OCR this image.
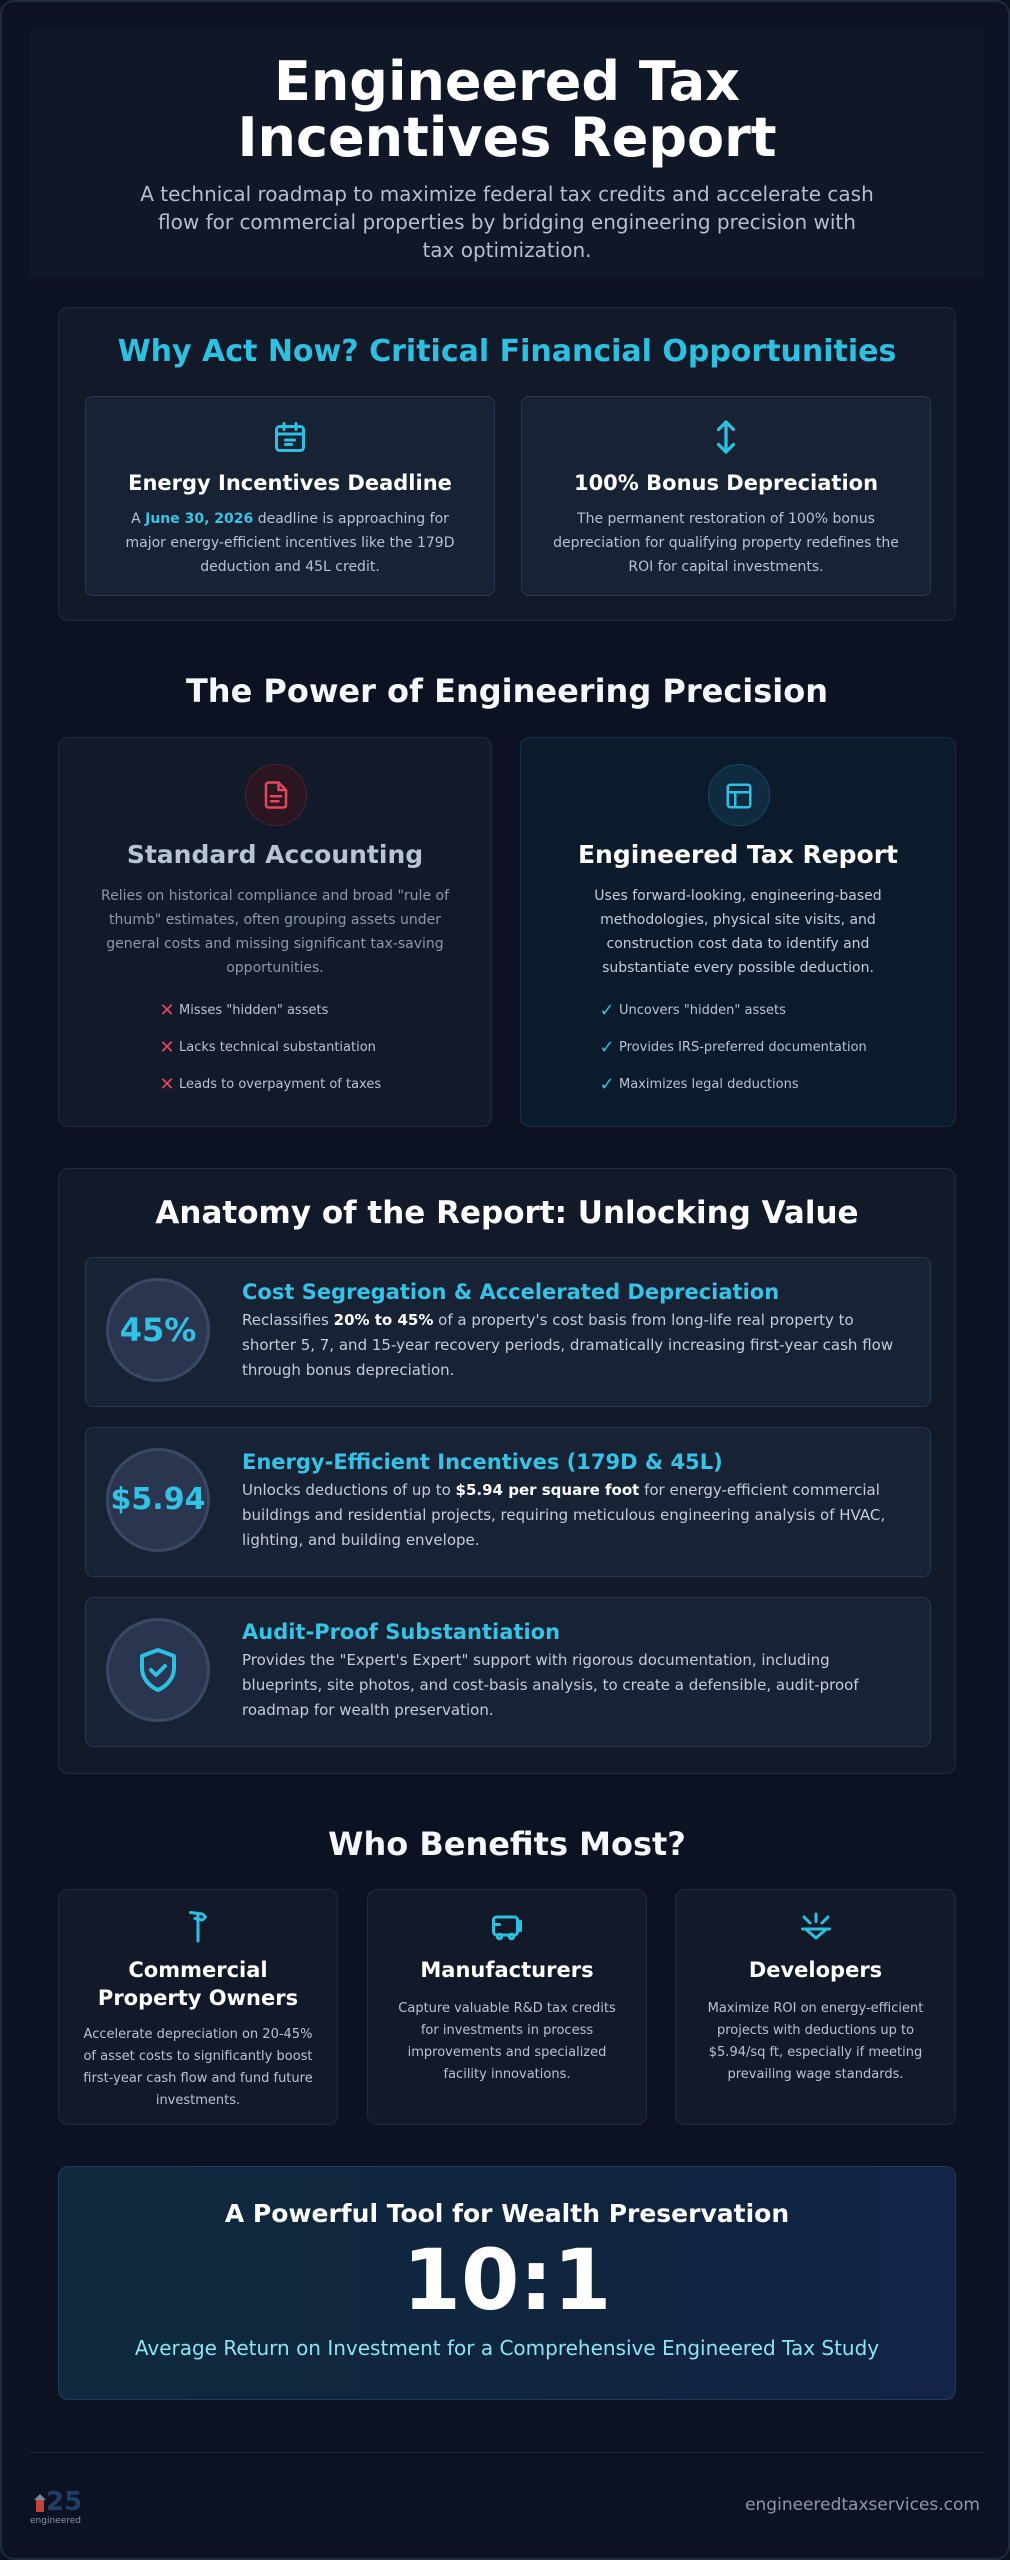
Engineered Tax Incentives Report
A technical roadmap to maximize federal tax credits and accelerate cash flow for commercial properties by bridging engineering precision with tax optimization.
Why Act Now? Critical Financial Opportunities
Energy Incentives Deadline
A June 30, 2026 deadline is approaching for major energy-efficient incentives like the 179D deduction and 45L credit.
100% Bonus Depreciation
The permanent restoration of 100% bonus depreciation for qualifying property redefines the ROI for capital investments.
The Power of Engineering Precision
Standard Accounting
Relies on historical compliance and broad "rule of thumb" estimates, often grouping assets under general costs and missing significant tax-saving opportunities.
✕ Misses "hidden" assets
✕ Lacks technical substantiation
✕ Leads to overpayment of taxes
Engineered Tax Report
Uses forward-looking, engineering-based methodologies, physical site visits, and construction cost data to identify and substantiate every possible deduction.
✓ Uncovers "hidden" assets
✓ Provides IRS-preferred documentation
✓ Maximizes legal deductions
Anatomy of the Report: Unlocking Value
45%
Cost Segregation & Accelerated Depreciation
Reclassifies 20% to 45% of a property's cost basis from long-life real property to shorter 5, 7, and 15-year recovery periods, dramatically increasing first-year cash flow through bonus depreciation.
$5.94
Energy-Efficient Incentives (179D & 45L)
Unlocks deductions of up to $5.94 per square foot for energy-efficient commercial buildings and residential projects, requiring meticulous engineering analysis of HVAC, lighting, and building envelope.
Audit-Proof Substantiation
Provides the "Expert's Expert" support with rigorous documentation, including blueprints, site photos, and cost-basis analysis, to create a defensible, audit-proof roadmap for wealth preservation.
Who Benefits Most?
Commercial Property Owners
Accelerate depreciation on 20-45% of asset costs to significantly boost first-year cash flow and fund future investments.
Manufacturers
Capture valuable R&D tax credits for investments in process improvements and specialized facility innovations.
Developers
Maximize ROI on energy-efficient projects with deductions up to $5.94/sq ft, especially if meeting prevailing wage standards.
A Powerful Tool for Wealth Preservation
10:1
Average Return on Investment for a Comprehensive Engineered Tax Study
25
engineered
engineeredtaxservices.com
